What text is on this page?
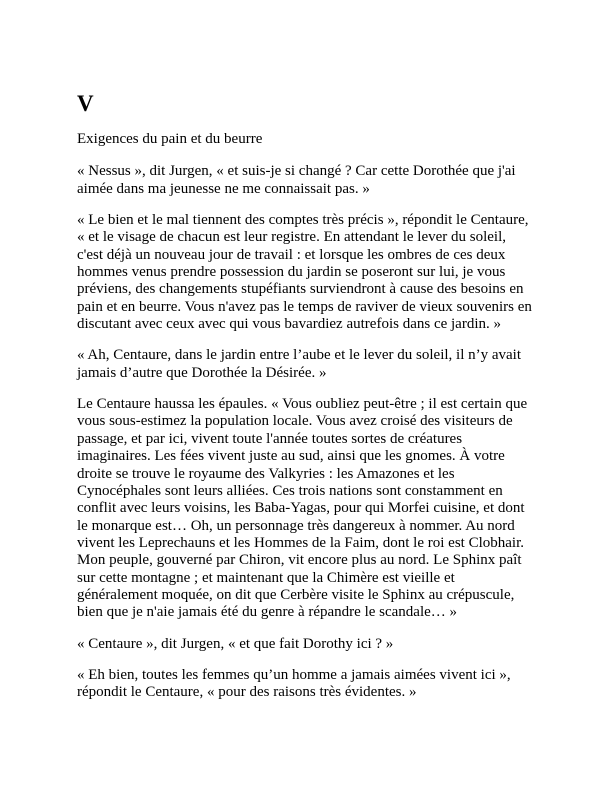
V

Exigences du pain et du beurre

« Nessus », dit Jurgen, « et suis-je si changé ? Car cette Dorothée que j'ai
aimée dans ma jeunesse ne me connaissait pas. »

« Le bien et le mal tiennent des comptes très précis », répondit le Centaure,
« et le visage de chacun est leur registre. En attendant le lever du soleil,
c'est déjà un nouveau jour de travail : et lorsque les ombres de ces deux
hommes venus prendre possession du jardin se poseront sur lui, je vous
préviens, des changements stupéfiants surviendront à cause des besoins en
pain et en beurre. Vous n'avez pas le temps de raviver de vieux souvenirs en
discutant avec ceux avec qui vous bavardiez autrefois dans ce jardin. »

« Ah, Centaure, dans le jardin entre l’aube et le lever du soleil, il n’y avait
jamais d’autre que Dorothée la Désirée. »

Le Centaure haussa les épaules. « Vous oubliez peut-être ; il est certain que
vous sous-estimez la population locale. Vous avez croisé des visiteurs de
passage, et par ici, vivent toute l'année toutes sortes de créatures
imaginaires. Les fées vivent juste au sud, ainsi que les gnomes. À votre
droite se trouve le royaume des Valkyries : les Amazones et les
Cynocéphales sont leurs alliées. Ces trois nations sont constamment en
conflit avec leurs voisins, les Baba-Yagas, pour qui Morfei cuisine, et dont
le monarque est… Oh, un personnage très dangereux à nommer. Au nord
vivent les Leprechauns et les Hommes de la Faim, dont le roi est Clobhair.
Mon peuple, gouverné par Chiron, vit encore plus au nord. Le Sphinx paît
sur cette montagne ; et maintenant que la Chimère est vieille et
généralement moquée, on dit que Cerbère visite le Sphinx au crépuscule,
bien que je n'aie jamais été du genre à répandre le scandale… »

« Centaure », dit Jurgen, « et que fait Dorothy ici ? »

« Eh bien, toutes les femmes qu’un homme a jamais aimées vivent ici »,
répondit le Centaure, « pour des raisons très évidentes. »
